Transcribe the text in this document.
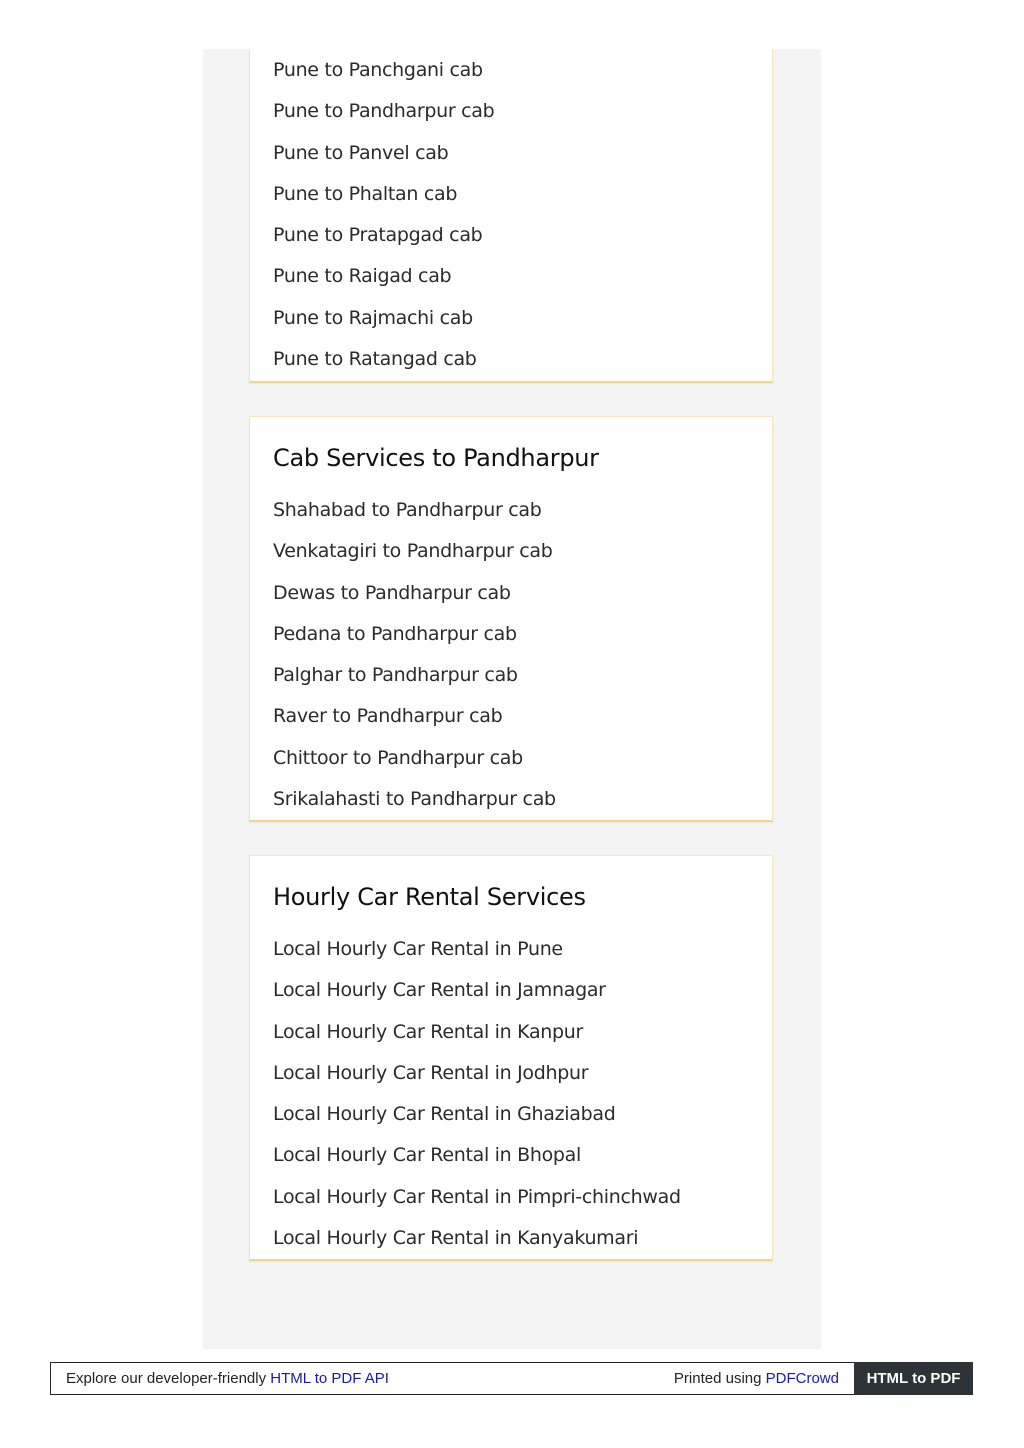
Pune to Panchgani cab
Pune to Pandharpur cab
Pune to Panvel cab
Pune to Phaltan cab
Pune to Pratapgad cab
Pune to Raigad cab
Pune to Rajmachi cab
Pune to Ratangad cab
Cab Services to Pandharpur
Shahabad to Pandharpur cab
Venkatagiri to Pandharpur cab
Dewas to Pandharpur cab
Pedana to Pandharpur cab
Palghar to Pandharpur cab
Raver to Pandharpur cab
Chittoor to Pandharpur cab
Srikalahasti to Pandharpur cab
Hourly Car Rental Services
Local Hourly Car Rental in Pune
Local Hourly Car Rental in Jamnagar
Local Hourly Car Rental in Kanpur
Local Hourly Car Rental in Jodhpur
Local Hourly Car Rental in Ghaziabad
Local Hourly Car Rental in Bhopal
Local Hourly Car Rental in Pimpri-chinchwad
Local Hourly Car Rental in Kanyakumari
Explore our developer-friendly HTML to PDF API	Printed using PDFCrowd	HTML to PDF
